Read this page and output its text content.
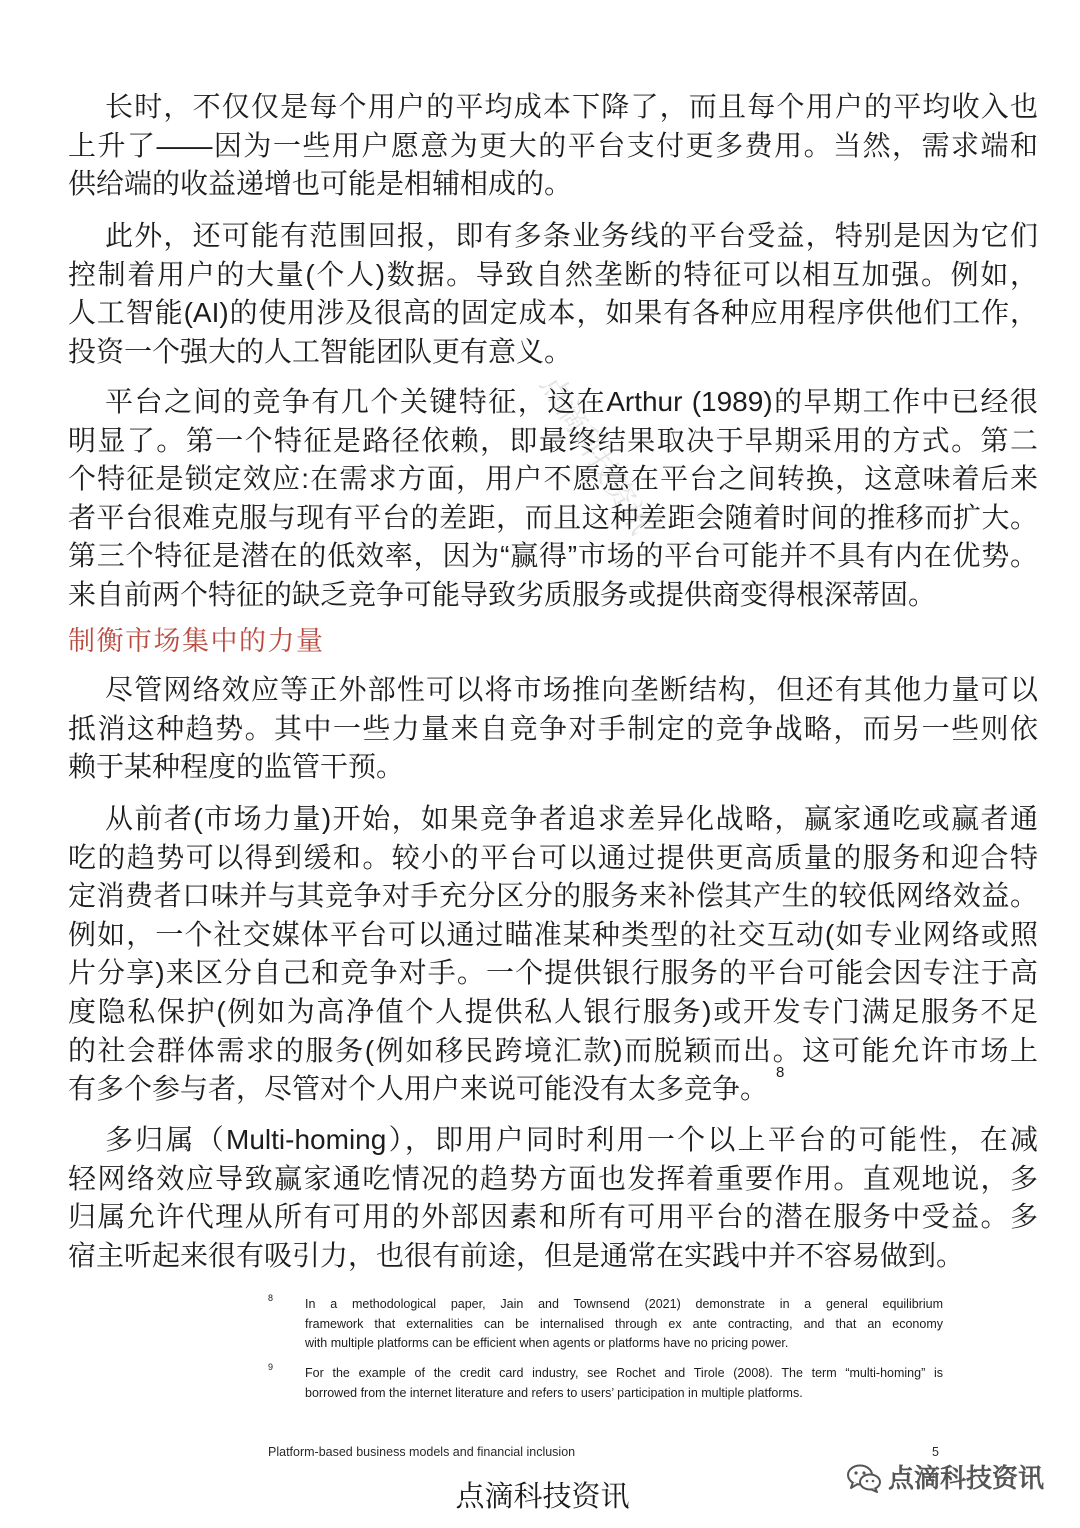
点滴科技资讯
长时，不仅仅是每个用户的平均成本下降了，而且每个用户的平均收入也
上升了——因为一些用户愿意为更大的平台支付更多费用。当然，需求端和
供给端的收益递增也可能是相辅相成的。
此外，还可能有范围回报，即有多条业务线的平台受益，特别是因为它们
控制着用户的大量(个人)数据。导致自然垄断的特征可以相互加强。例如，
人工智能(AI)的使用涉及很高的固定成本，如果有各种应用程序供他们工作，
投资一个强大的人工智能团队更有意义。
平台之间的竞争有几个关键特征，这在Arthur (1989)的早期工作中已经很
明显了。第一个特征是路径依赖，即最终结果取决于早期采用的方式。第二
个特征是锁定效应:在需求方面，用户不愿意在平台之间转换，这意味着后来
者平台很难克服与现有平台的差距，而且这种差距会随着时间的推移而扩大。
第三个特征是潜在的低效率，因为“赢得”市场的平台可能并不具有内在优势。
来自前两个特征的缺乏竞争可能导致劣质服务或提供商变得根深蒂固。
制衡市场集中的力量
尽管网络效应等正外部性可以将市场推向垄断结构，但还有其他力量可以
抵消这种趋势。其中一些力量来自竞争对手制定的竞争战略，而另一些则依
赖于某种程度的监管干预。
从前者(市场力量)开始，如果竞争者追求差异化战略，赢家通吃或赢者通
吃的趋势可以得到缓和。较小的平台可以通过提供更高质量的服务和迎合特
定消费者口味并与其竞争对手充分区分的服务来补偿其产生的较低网络效益。
例如，一个社交媒体平台可以通过瞄准某种类型的社交互动(如专业网络或照
片分享)来区分自己和竞争对手。一个提供银行服务的平台可能会因专注于高
度隐私保护(例如为高净值个人提供私人银行服务)或开发专门满足服务不足
的社会群体需求的服务(例如移民跨境汇款)而脱颖而出。这可能允许市场上
有多个参与者，尽管对个人用户来说可能没有太多竞争。$^8$
多归属（Multi-homing），即用户同时利用一个以上平台的可能性，在减
轻网络效应导致赢家通吃情况的趋势方面也发挥着重要作用。直观地说，多
归属允许代理从所有可用的外部因素和所有可用平台的潜在服务中受益。多
宿主听起来很有吸引力，也很有前途，但是通常在实践中并不容易做到。
8	In a methodological paper, Jain and Townsend (2021) demonstrate in a general equilibrium
framework that externalities can be internalised through ex ante contracting, and that an economy
with multiple platforms can be efficient when agents or platforms have no pricing power.
9	For the example of the credit card industry, see Rochet and Tirole (2008). The term “multi-homing” is
borrowed from the internet literature and refers to users’ participation in multiple platforms.
Platform-based business models and financial inclusion	5
点滴科技资讯
点滴科技资讯
